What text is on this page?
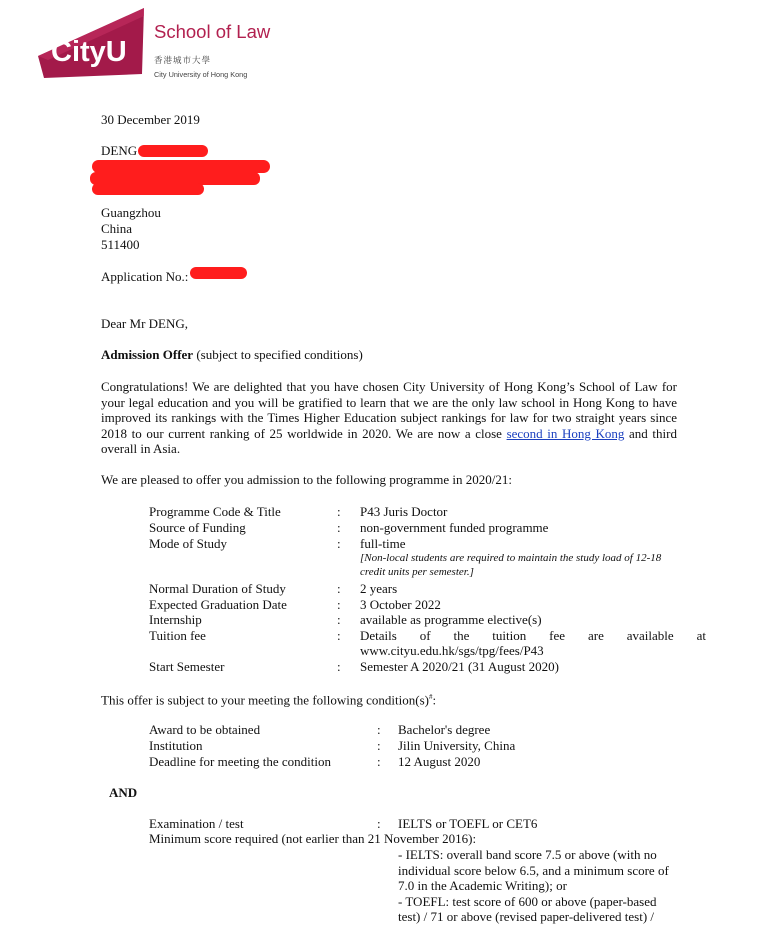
CityU
School of Law
香港城市大學
City University of Hong Kong
30 December 2019
DENG
Guangzhou
China
511400
Application No.:
Dear Mr DENG,
Admission Offer (subject to specified conditions)

Congratulations! We are delighted that you have chosen City University of Hong Kong’s School of Law for your legal education and you will be gratified to learn that we are the only law school in Hong Kong to have improved its rankings with the Times Higher Education subject rankings for law for two straight years since 2018 to our current ranking of 25 worldwide in 2020. We are now a close second in Hong Kong and third overall in Asia.

We are pleased to offer you admission to the following programme in 2020/21:
Programme Code & Title	: P43 Juris Doctor
Source of Funding	: non-government funded programme
Mode of Study	: full-time
[Non-local students are required to maintain the study load of 12-18
credit units per semester.]
Normal Duration of Study	: 2 years
Expected Graduation Date	: 3 October 2022
Internship	: available as programme elective(s)
Tuition fee	: Details of the tuition fee are available at
www.cityu.edu.hk/sgs/tpg/fees/P43
Start Semester	: Semester A 2020/21 (31 August 2020)
This offer is subject to your meeting the following condition(s)#:
Award to be obtained	: Bachelor's degree
Institution	: Jilin University, China
Deadline for meeting the condition	: 12 August 2020
AND
Examination / test	: IELTS or TOEFL or CET6
Minimum score required (not earlier than 21 November 2016):
- IELTS: overall band score 7.5 or above (with no
individual score below 6.5, and a minimum score of
7.0 in the Academic Writing); or
- TOEFL: test score of 600 or above (paper-based
test) / 71 or above (revised paper-delivered test) /
